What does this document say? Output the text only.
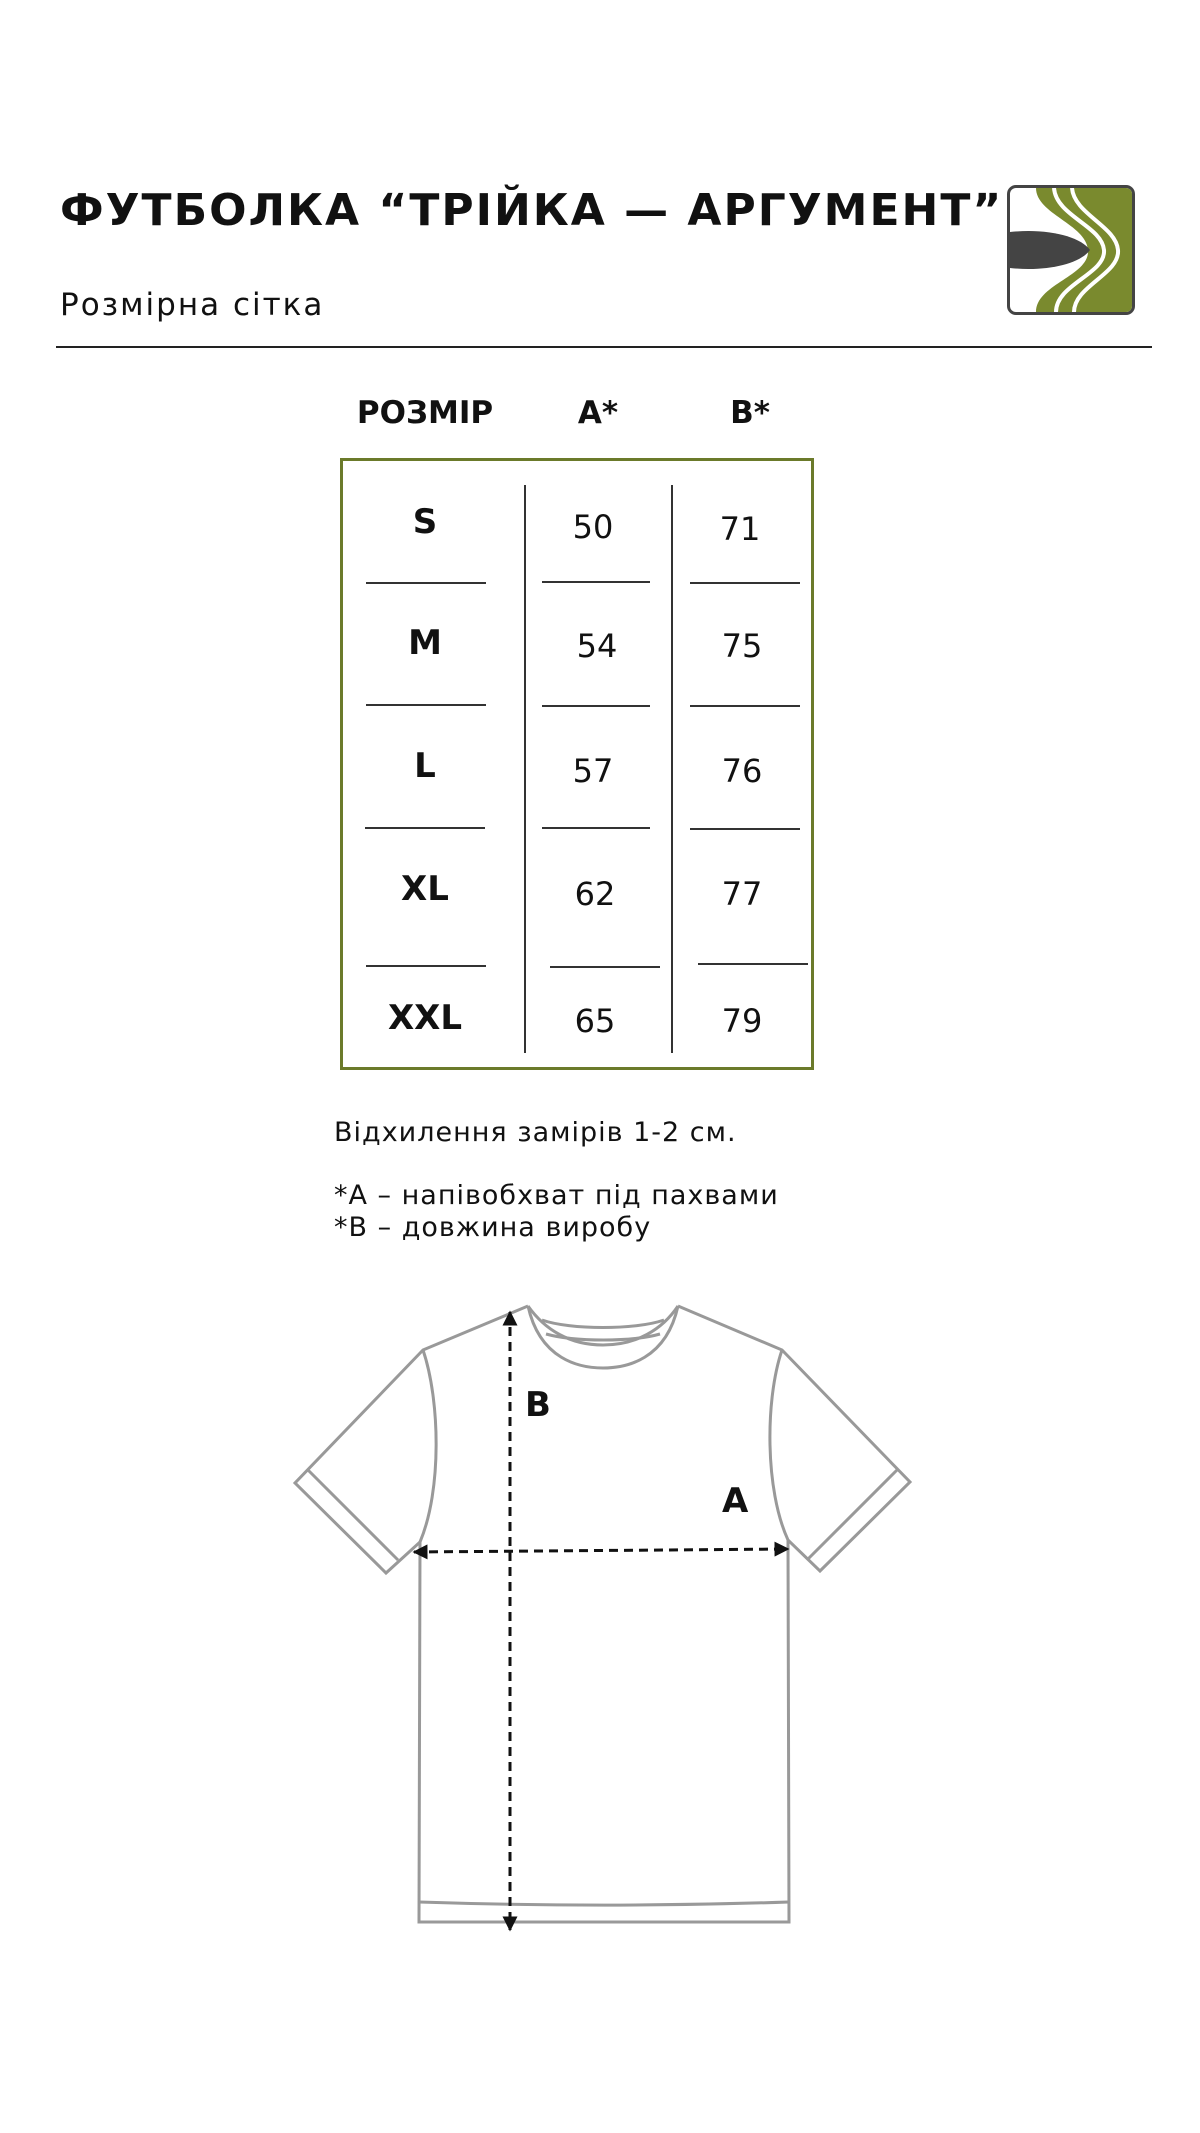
ФУТБОЛКА “ТРІЙКА — АРГУМЕНТ”

Розмірна сітка

РОЗМІР	A*	B*
S	50	71
M	54	75
L	57	76
XL	62	77
XXL	65	79

Відхилення замірів 1-2 см.

*A – напівобхват під пахвами

*B – довжина виробу

B
A
